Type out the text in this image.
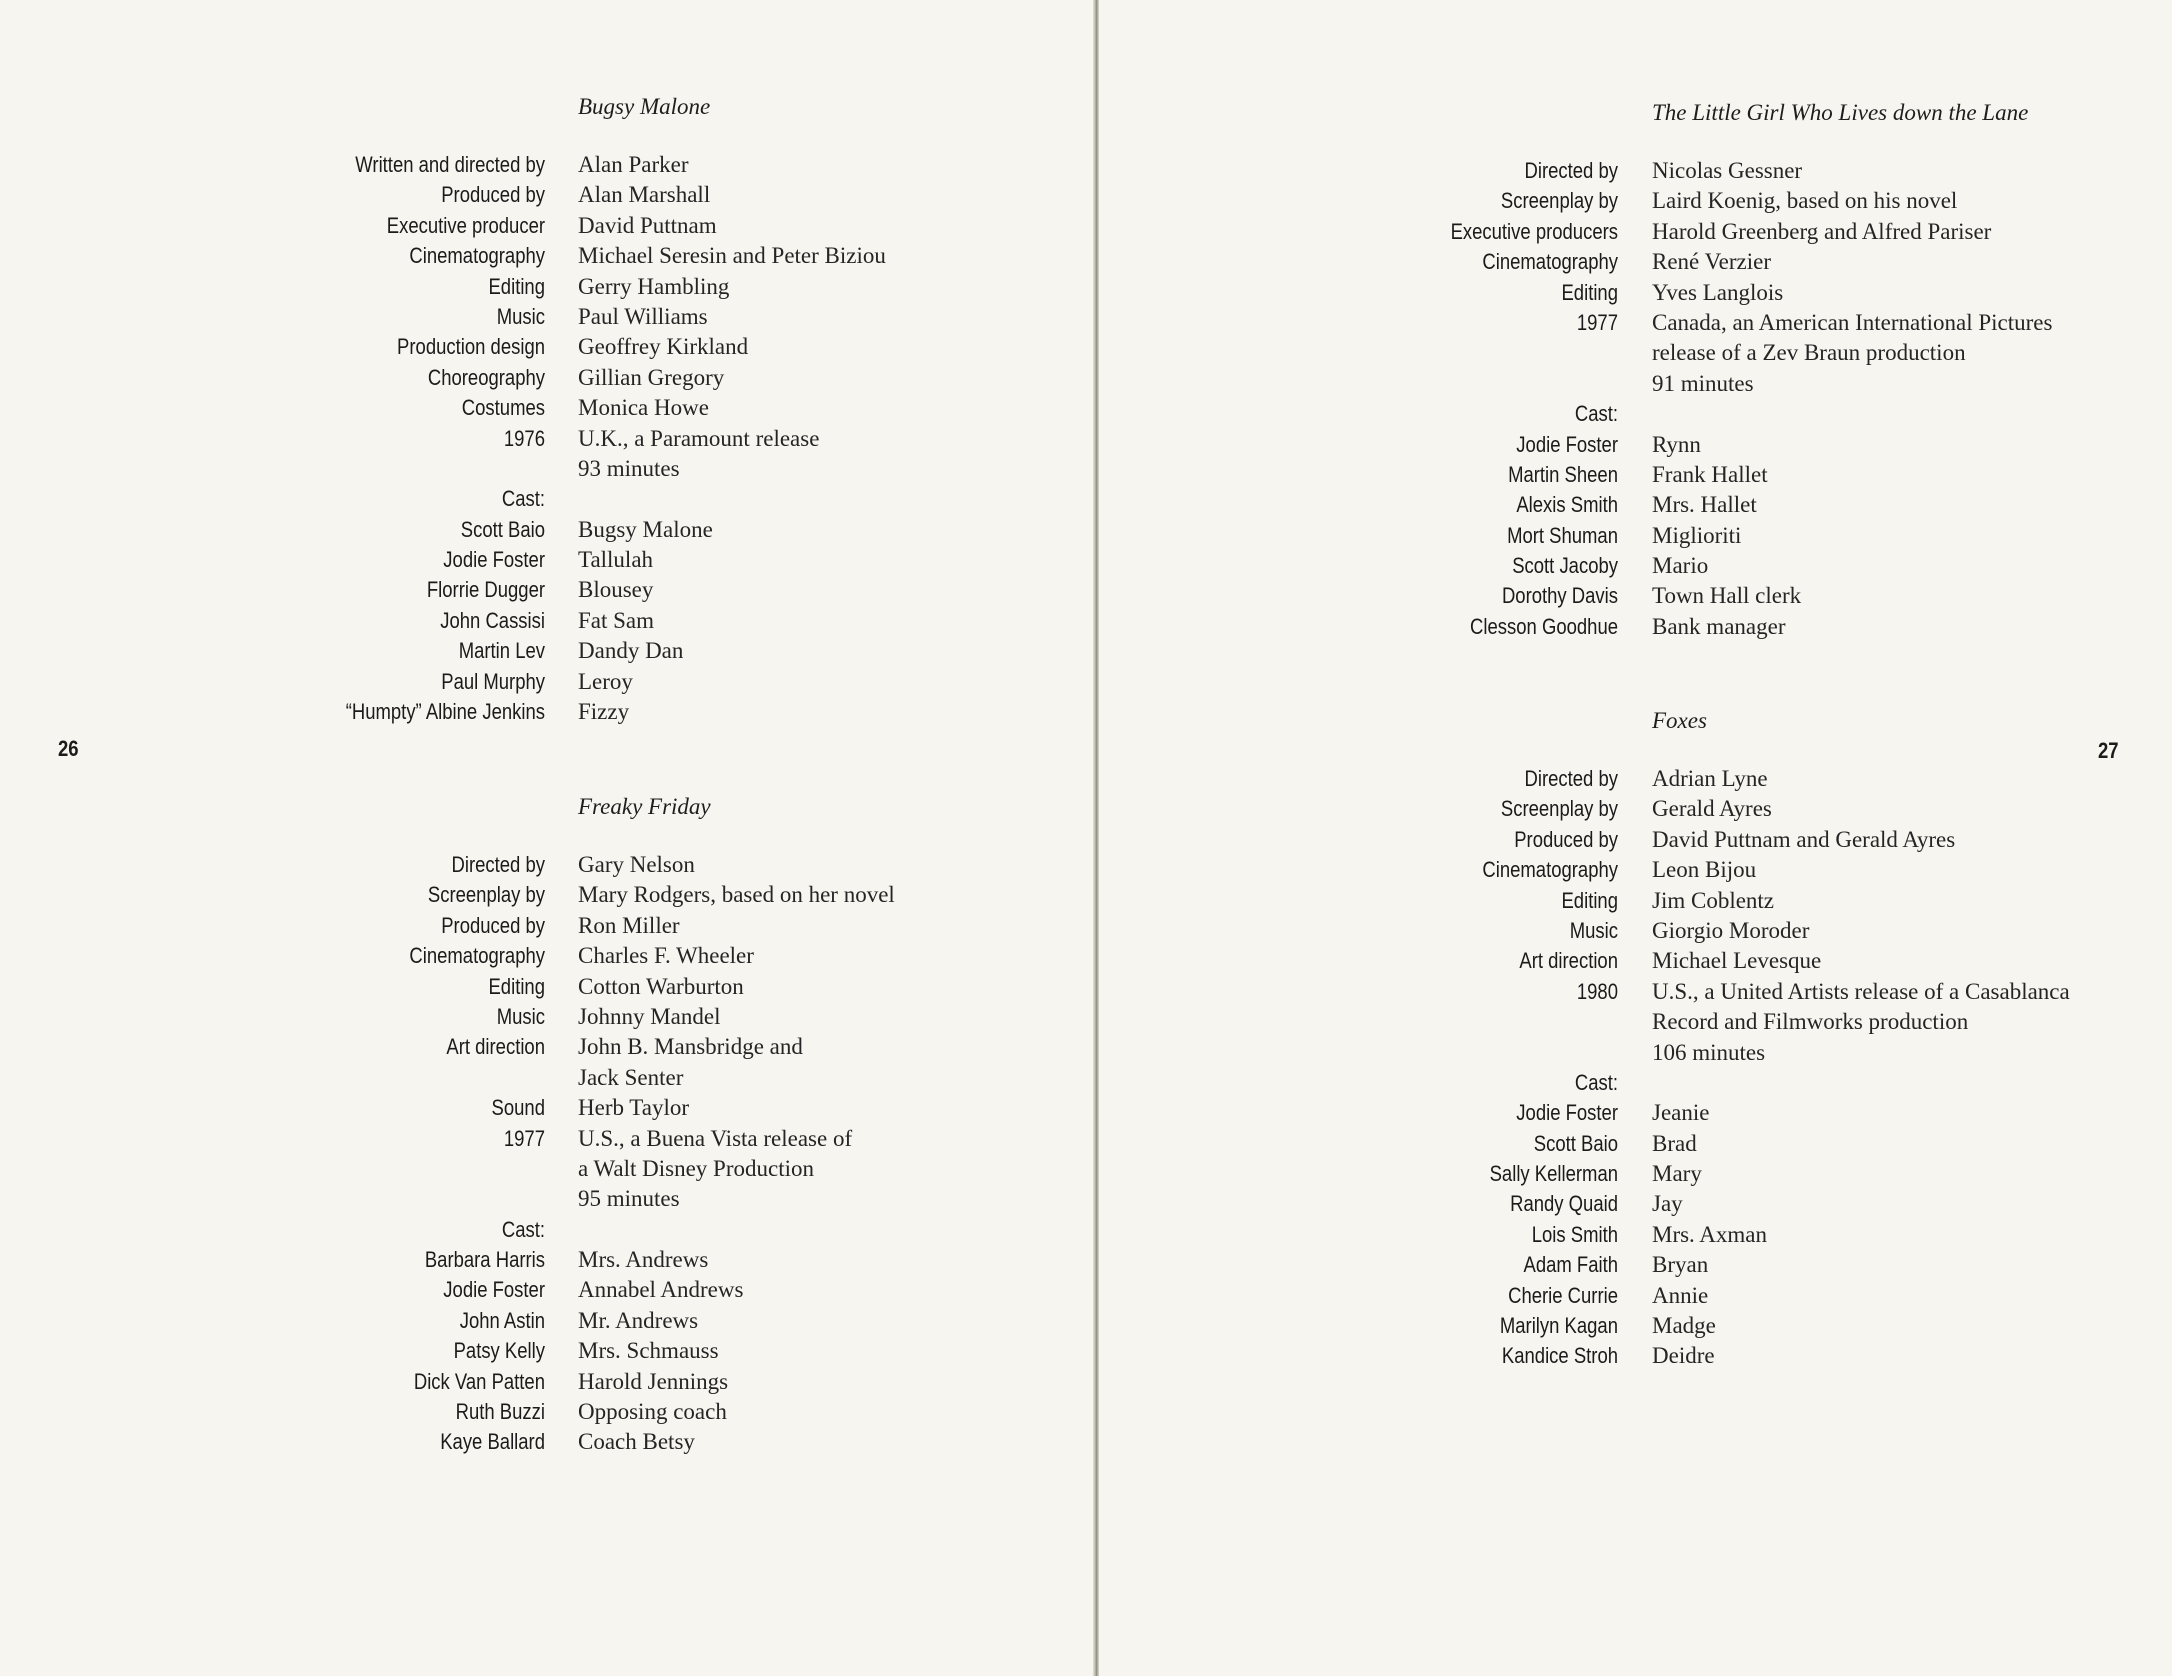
Bugsy Malone
Written and directed by Alan Parker
Produced by Alan Marshall
Executive producer David Puttnam
Cinematography Michael Seresin and Peter Biziou
Editing Gerry Hambling
Music Paul Williams
Production design Geoffrey Kirkland
Choreography Gillian Gregory
Costumes Monica Howe
1976 U.K., a Paramount release
93 minutes
Cast:
Scott Baio Bugsy Malone
Jodie Foster Tallulah
Florrie Dugger Blousey
John Cassisi Fat Sam
Martin Lev Dandy Dan
Paul Murphy Leroy
“Humpty” Albine Jenkins Fizzy
Freaky Friday
Directed by Gary Nelson
Screenplay by Mary Rodgers, based on her novel
Produced by Ron Miller
Cinematography Charles F. Wheeler
Editing Cotton Warburton
Music Johnny Mandel
Art direction John B. Mansbridge and
Jack Senter
Sound Herb Taylor
1977 U.S., a Buena Vista release of
a Walt Disney Production
95 minutes
Cast:
Barbara Harris Mrs. Andrews
Jodie Foster Annabel Andrews
John Astin Mr. Andrews
Patsy Kelly Mrs. Schmauss
Dick Van Patten Harold Jennings
Ruth Buzzi Opposing coach
Kaye Ballard Coach Betsy
26
The Little Girl Who Lives down the Lane
Directed by Nicolas Gessner
Screenplay by Laird Koenig, based on his novel
Executive producers Harold Greenberg and Alfred Pariser
Cinematography René Verzier
Editing Yves Langlois
1977 Canada, an American International Pictures
release of a Zev Braun production
91 minutes
Cast:
Jodie Foster Rynn
Martin Sheen Frank Hallet
Alexis Smith Mrs. Hallet
Mort Shuman Miglioriti
Scott Jacoby Mario
Dorothy Davis Town Hall clerk
Clesson Goodhue Bank manager
Foxes
Directed by Adrian Lyne
Screenplay by Gerald Ayres
Produced by David Puttnam and Gerald Ayres
Cinematography Leon Bijou
Editing Jim Coblentz
Music Giorgio Moroder
Art direction Michael Levesque
1980 U.S., a United Artists release of a Casablanca
Record and Filmworks production
106 minutes
Cast:
Jodie Foster Jeanie
Scott Baio Brad
Sally Kellerman Mary
Randy Quaid Jay
Lois Smith Mrs. Axman
Adam Faith Bryan
Cherie Currie Annie
Marilyn Kagan Madge
Kandice Stroh Deidre
27
